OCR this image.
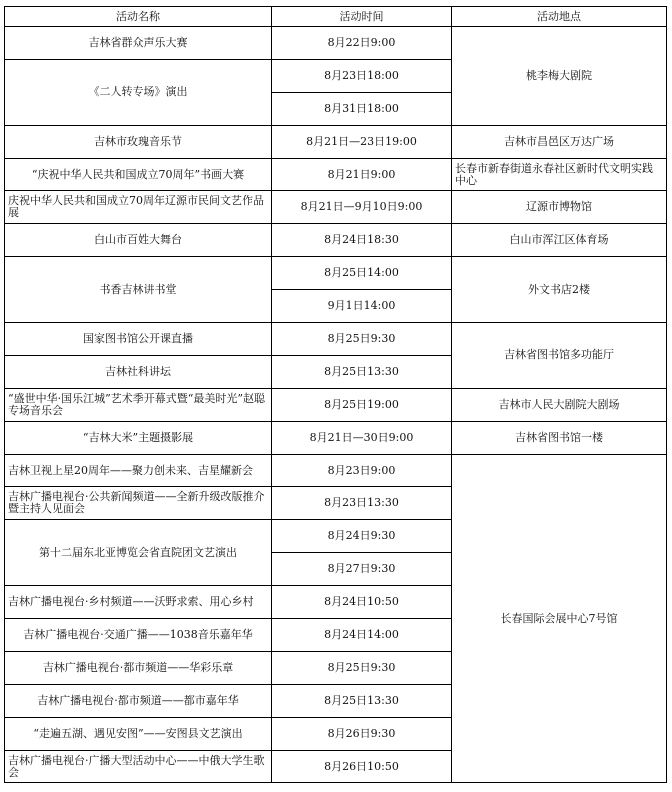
活动名称	活动时间	活动地点
吉林省群众声乐大赛	8月22日9:00	桃李梅大剧院
《二人转专场》演出	8月23日18:00	
	8月31日18:00	
吉林市玫瑰音乐节	8月21日—23日19:00	吉林市昌邑区万达广场
“庆祝中华人民共和国成立70周年”书画大赛	8月21日9:00	长春市新春街道永春社区新时代文明实践中心
庆祝中华人民共和国成立70周年辽源市民间文艺作品展	8月21日—9月10日9:00	辽源市博物馆
白山市百姓大舞台	8月24日18:30	白山市浑江区体育场
书香吉林讲书堂	8月25日14:00	外文书店2楼
	9月1日14:00	
国家图书馆公开课直播	8月25日9:30	吉林省图书馆多功能厅
吉林社科讲坛	8月25日13:30	
“盛世中华·国乐江城”艺术季开幕式暨“最美时光”赵聪专场音乐会	8月25日19:00	吉林市人民大剧院大剧场
“吉林大米”主题摄影展	8月21日—30日9:00	吉林省图书馆一楼
吉林卫视上星20周年——聚力创未来、吉星耀新会	8月23日9:00	长春国际会展中心7号馆
吉林广播电视台·公共新闻频道——全新升级改版推介暨主持人见面会	8月23日13:30	
第十二届东北亚博览会省直院团文艺演出	8月24日9:30	
	8月27日9:30	
吉林广播电视台·乡村频道——沃野求索、用心乡村	8月24日10:50	
吉林广播电视台·交通广播——1038音乐嘉年华	8月24日14:00	
吉林广播电视台·都市频道——华彩乐章	8月25日9:30	
吉林广播电视台·都市频道——都市嘉年华	8月25日13:30	
“走遍五湖、遇见安图”——安图县文艺演出	8月26日9:30	
吉林广播电视台·广播大型活动中心——中俄大学生歌会	8月26日10:50	
